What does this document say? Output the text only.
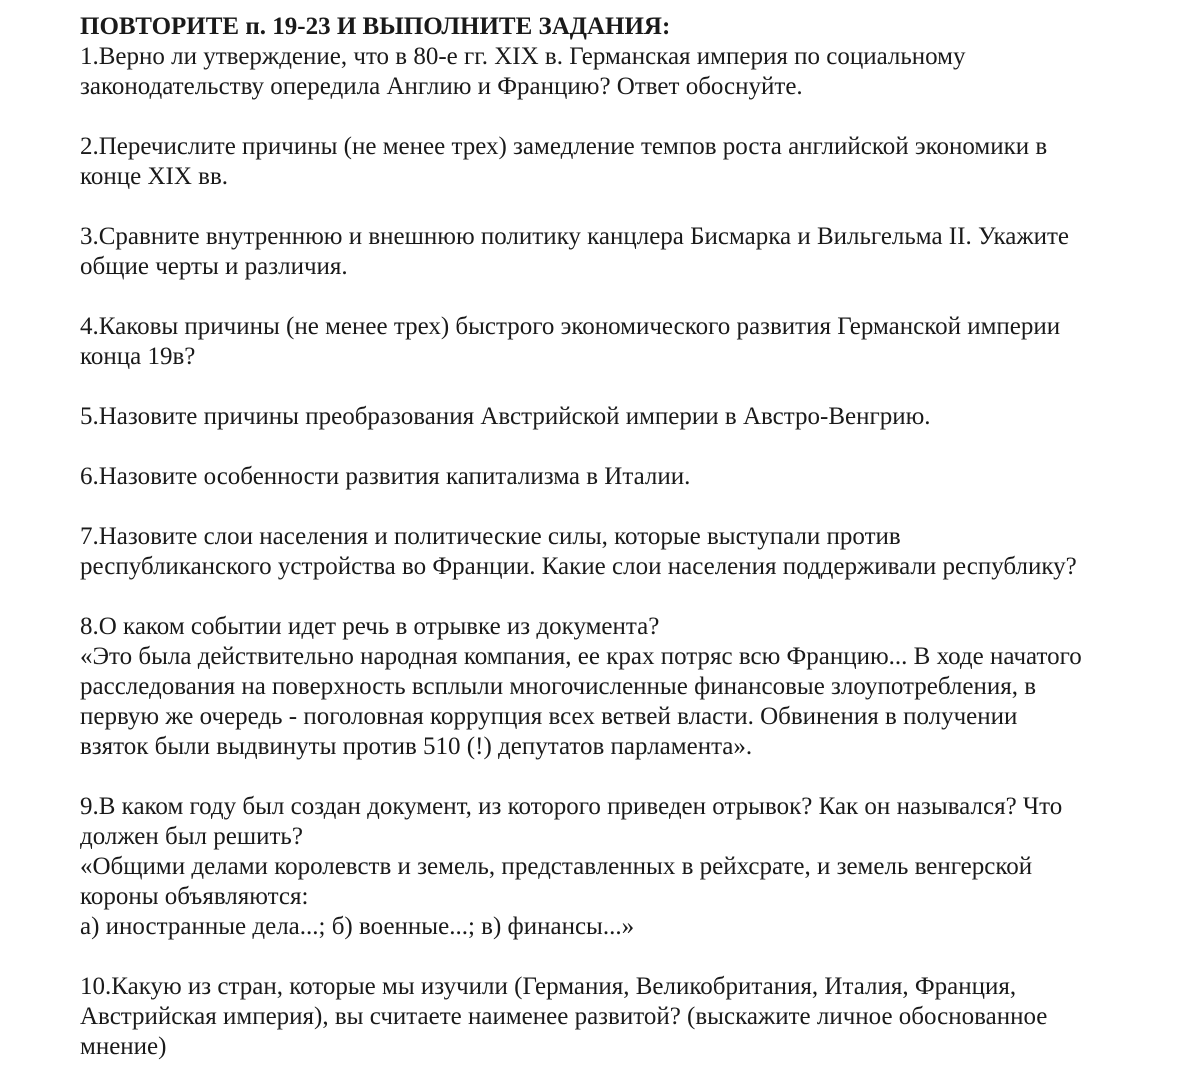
ПОВТОРИТЕ п. 19-23 И ВЫПОЛНИТЕ ЗАДАНИЯ:

1.Верно ли утверждение, что в 80-е гг. XIX в. Германская империя по социальному
законодательству опередила Англию и Францию? Ответ обоснуйте.
2.Перечислите причины (не менее трех) замедление темпов роста английской экономики в
конце XIX вв.
3.Сравните внутреннюю и внешнюю политику канцлера Бисмарка и Вильгельма II. Укажите
общие черты и различия.
4.Каковы причины (не менее трех) быстрого экономического развития Германской империи
конца 19в?
5.Назовите причины преобразования Австрийской империи в Австро-Венгрию.
6.Назовите особенности развития капитализма в Италии.
7.Назовите слои населения и политические силы, которые выступали против
республиканского устройства во Франции. Какие слои населения поддерживали республику?
8.О каком событии идет речь в отрывке из документа?
«Это была действительно народная компания, ее крах потряс всю Францию... В ходе начатого
расследования на поверхность всплыли многочисленные финансовые злоупотребления, в
первую же очередь - поголовная коррупция всех ветвей власти. Обвинения в получении
взяток были выдвинуты против 510 (!) депутатов парламента».
9.В каком году был создан документ, из которого приведен отрывок? Как он назывался? Что
должен был решить?
«Общими делами королевств и земель, представленных в рейхсрате, и земель венгерской
короны объявляются:
а) иностранные дела...; б) военные...; в) финансы...»
10.Какую из стран, которые мы изучили (Германия, Великобритания, Италия, Франция,
Австрийская империя), вы считаете наименее развитой? (выскажите личное обоснованное
мнение)
